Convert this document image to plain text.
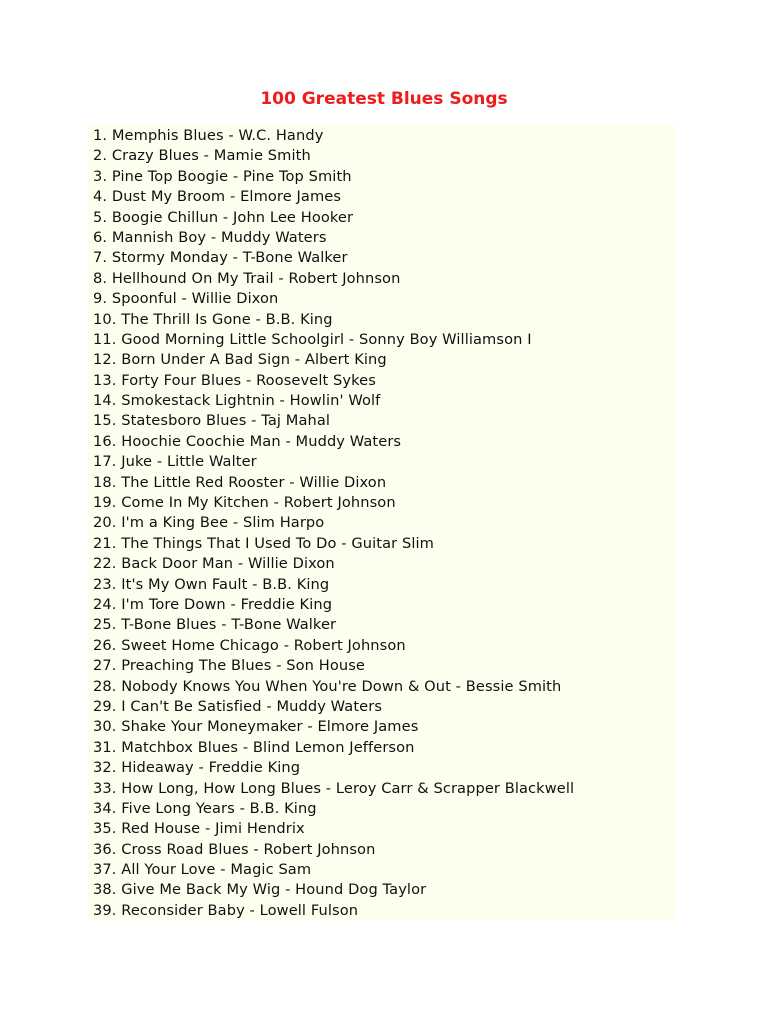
100 Greatest Blues Songs
1. Memphis Blues - W.C. Handy
2. Crazy Blues - Mamie Smith
3. Pine Top Boogie - Pine Top Smith
4. Dust My Broom - Elmore James
5. Boogie Chillun - John Lee Hooker
6. Mannish Boy - Muddy Waters
7. Stormy Monday - T-Bone Walker
8. Hellhound On My Trail - Robert Johnson
9. Spoonful - Willie Dixon
10. The Thrill Is Gone - B.B. King
11. Good Morning Little Schoolgirl - Sonny Boy Williamson I
12. Born Under A Bad Sign - Albert King
13. Forty Four Blues - Roosevelt Sykes
14. Smokestack Lightnin - Howlin' Wolf
15. Statesboro Blues - Taj Mahal
16. Hoochie Coochie Man - Muddy Waters
17. Juke - Little Walter
18. The Little Red Rooster - Willie Dixon
19. Come In My Kitchen - Robert Johnson
20. I'm a King Bee - Slim Harpo
21. The Things That I Used To Do - Guitar Slim
22. Back Door Man - Willie Dixon
23. It's My Own Fault - B.B. King
24. I'm Tore Down - Freddie King
25. T-Bone Blues - T-Bone Walker
26. Sweet Home Chicago - Robert Johnson
27. Preaching The Blues - Son House
28. Nobody Knows You When You're Down & Out - Bessie Smith
29. I Can't Be Satisfied - Muddy Waters
30. Shake Your Moneymaker - Elmore James
31. Matchbox Blues - Blind Lemon Jefferson
32. Hideaway - Freddie King
33. How Long, How Long Blues - Leroy Carr & Scrapper Blackwell
34. Five Long Years - B.B. King
35. Red House - Jimi Hendrix
36. Cross Road Blues - Robert Johnson
37. All Your Love - Magic Sam
38. Give Me Back My Wig - Hound Dog Taylor
39. Reconsider Baby - Lowell Fulson
